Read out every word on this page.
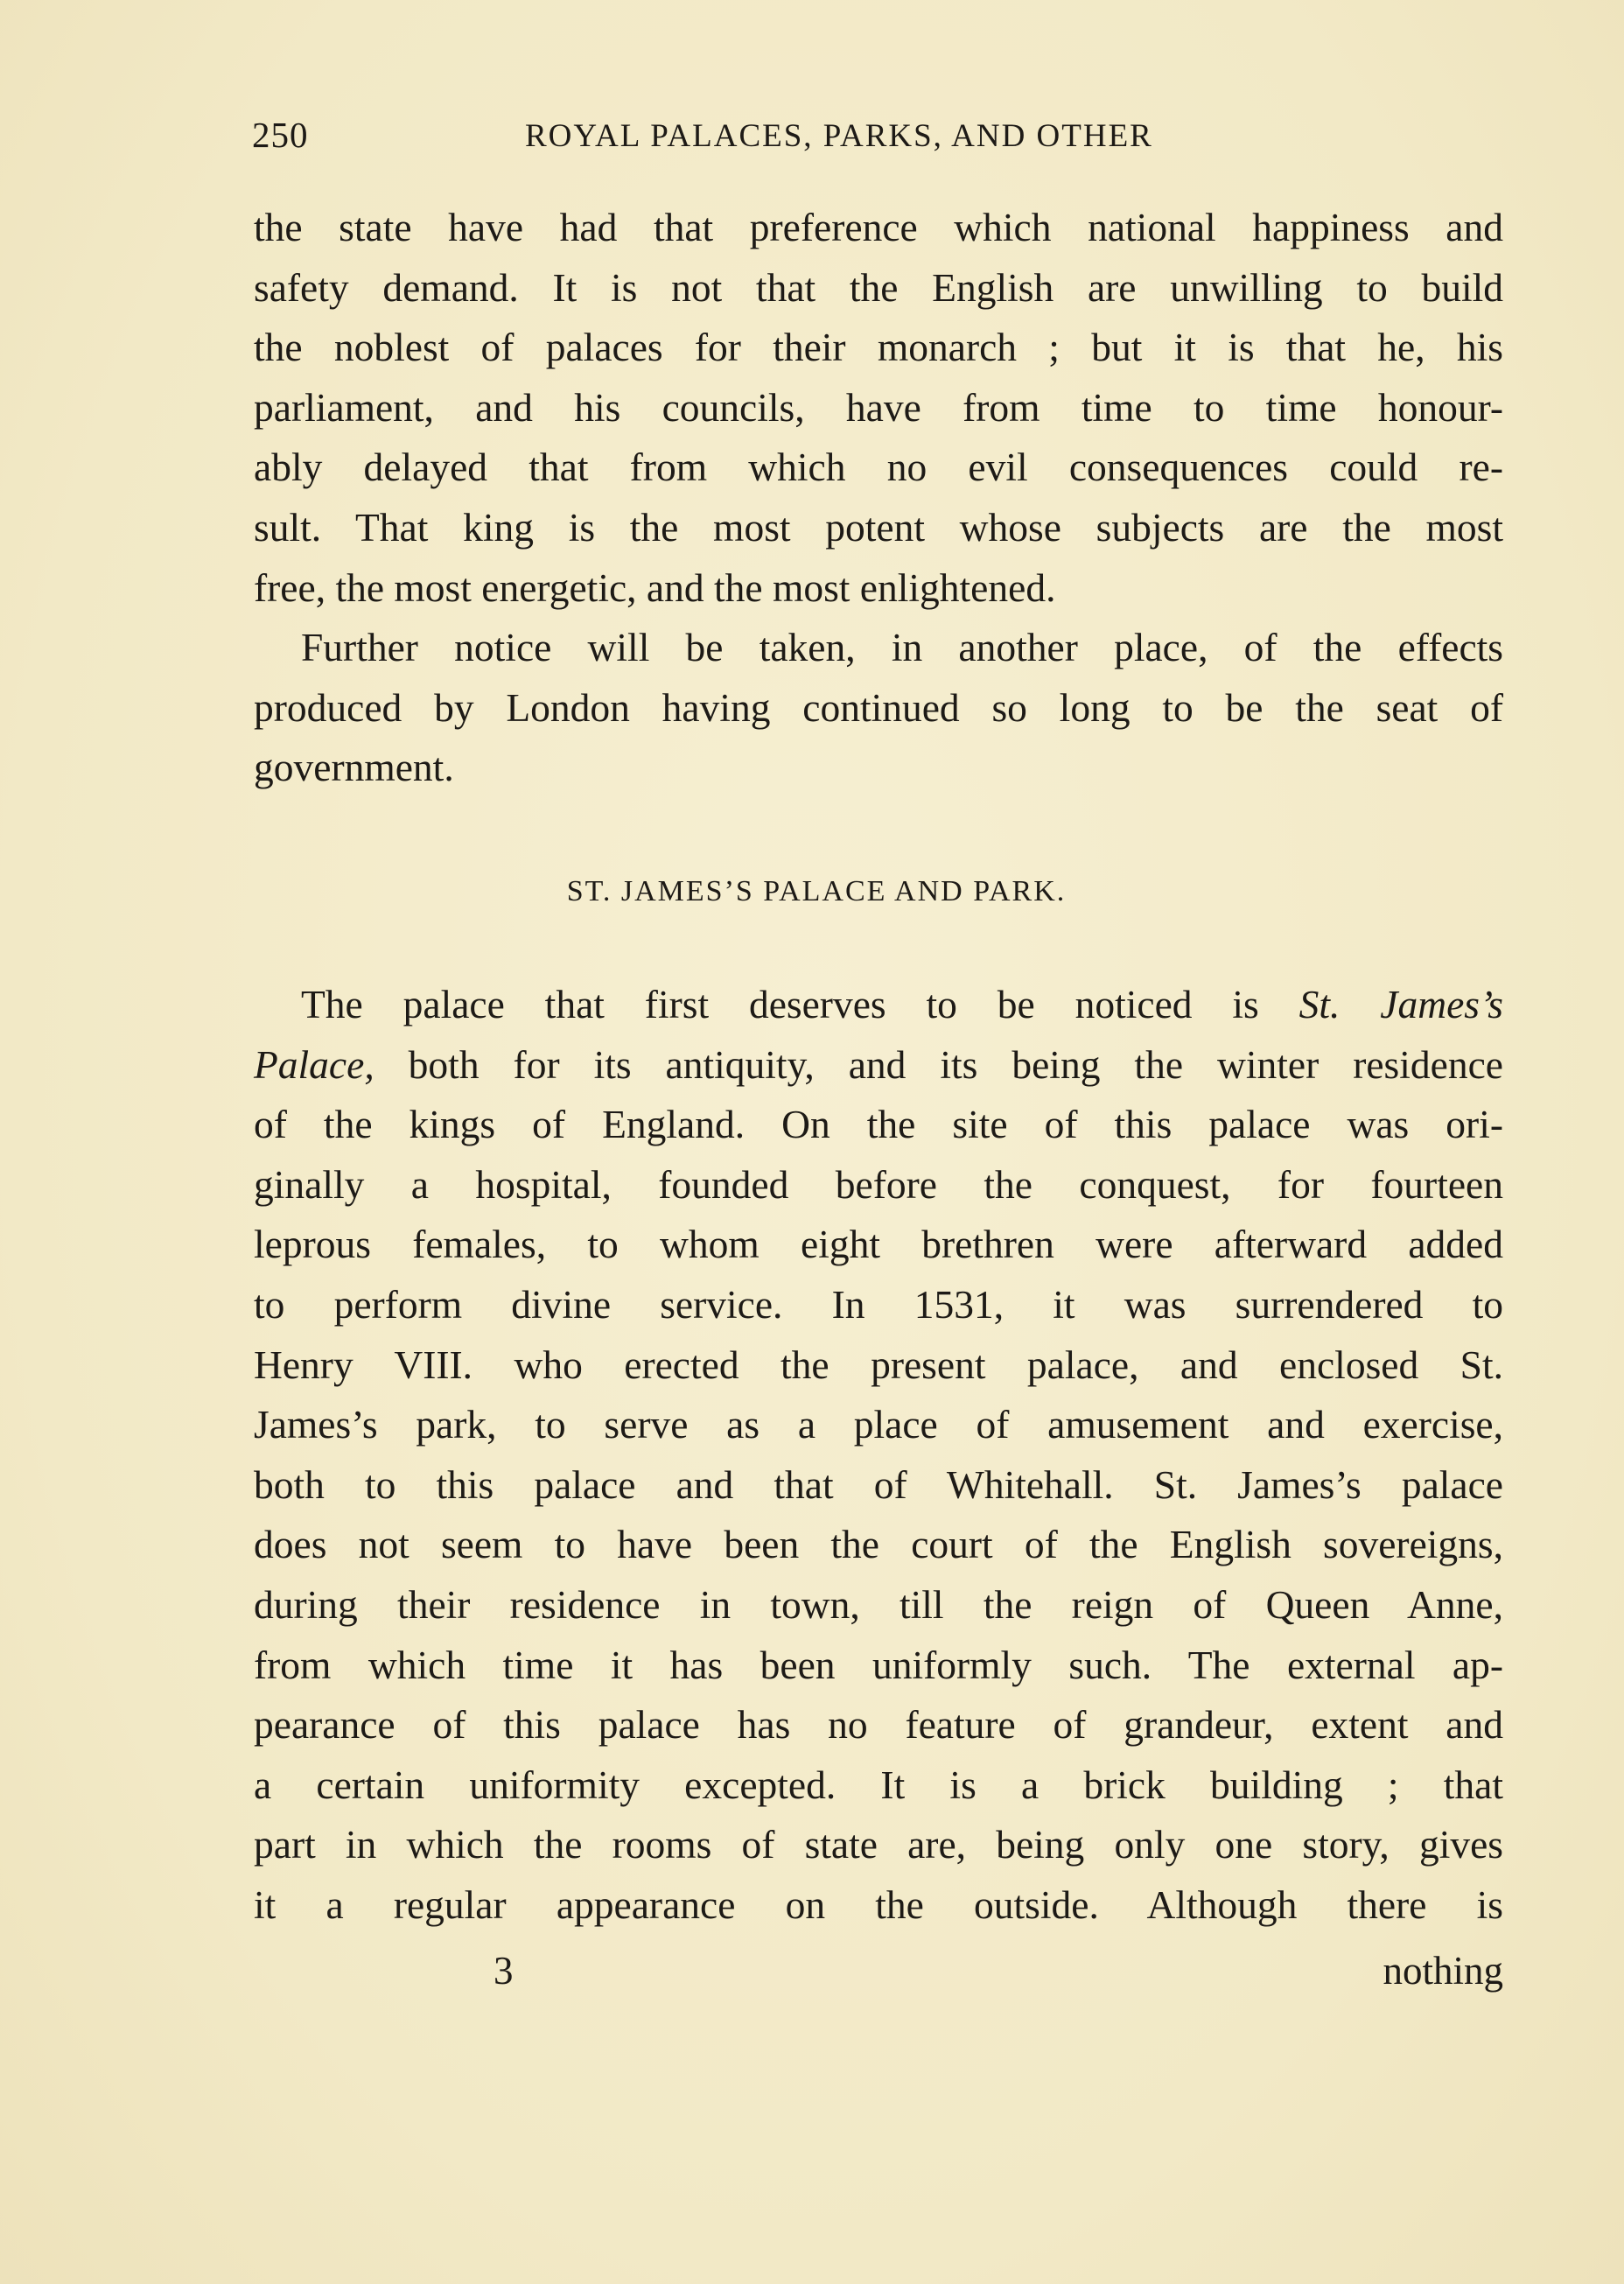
250	ROYAL PALACES, PARKS, AND OTHER
the state have had that preference which national happiness and
safety demand. It is not that the English are unwilling to build
the noblest of palaces for their monarch ; but it is that he, his
parliament, and his councils, have from time to time honour-
ably delayed that from which no evil consequences could re-
sult. That king is the most potent whose subjects are the most
free, the most energetic, and the most enlightened.
Further notice will be taken, in another place, of the effects
produced by London having continued so long to be the seat of
government.
ST. JAMES’S PALACE AND PARK.
The palace that first deserves to be noticed is St. James’s
Palace, both for its antiquity, and its being the winter residence
of the kings of England. On the site of this palace was ori-
ginally a hospital, founded before the conquest, for fourteen
leprous females, to whom eight brethren were afterward added
to perform divine service. In 1531, it was surrendered to
Henry VIII. who erected the present palace, and enclosed St.
James’s park, to serve as a place of amusement and exercise,
both to this palace and that of Whitehall. St. James’s palace
does not seem to have been the court of the English sovereigns,
during their residence in town, till the reign of Queen Anne,
from which time it has been uniformly such. The external ap-
pearance of this palace has no feature of grandeur, extent and
a certain uniformity excepted. It is a brick building ; that
part in which the rooms of state are, being only one story, gives
it a regular appearance on the outside. Although there is
3	nothing
